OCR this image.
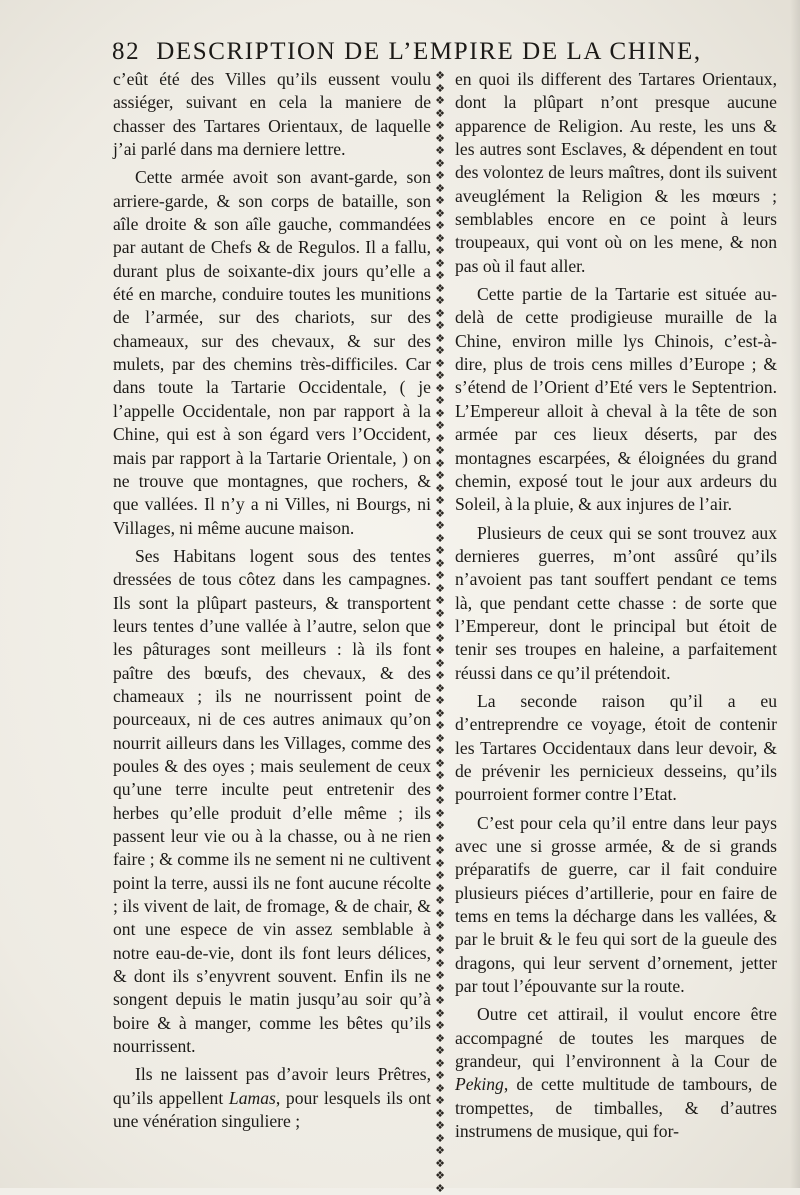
82 DESCRIPTION DE L’EMPIRE DE LA CHINE,

c’eût été des Villes qu’ils eussent voulu assiéger, suivant en cela la maniere de chasser des Tartares Orientaux, de laquelle j’ai parlé dans ma derniere lettre.

Cette armée avoit son avant-garde, son arriere-garde, & son corps de bataille, son aîle droite & son aîle gauche, commandées par autant de Chefs & de Regulos. Il a fallu, durant plus de soixante-dix jours qu’elle a été en marche, conduire toutes les munitions de l’armée, sur des chariots, sur des chameaux, sur des chevaux, & sur des mulets, par des chemins très-difficiles. Car dans toute la Tartarie Occidentale, ( je l’appelle Occidentale, non par rapport à la Chine, qui est à son égard vers l’Occident, mais par rapport à la Tartarie Orientale, ) on ne trouve que montagnes, que rochers, & que vallées. Il n’y a ni Villes, ni Bourgs, ni Villages, ni même aucune maison.

Ses Habitans logent sous des tentes dressées de tous côtez dans les campagnes. Ils sont la plûpart pasteurs, & transportent leurs tentes d’une vallée à l’autre, selon que les pâturages sont meilleurs : là ils font paître des bœufs, des chevaux, & des chameaux ; ils ne nourrissent point de pourceaux, ni de ces autres animaux qu’on nourrit ailleurs dans les Villages, comme des poules & des oyes ; mais seulement de ceux qu’une terre inculte peut entretenir des herbes qu’elle produit d’elle même ; ils passent leur vie ou à la chasse, ou à ne rien faire ; & comme ils ne sement ni ne cultivent point la terre, aussi ils ne font aucune récolte ; ils vivent de lait, de fromage, & de chair, & ont une espece de vin assez semblable à notre eau-de-vie, dont ils font leurs délices, & dont ils s’enyvrent souvent. Enfin ils ne songent depuis le matin jusqu’au soir qu’à boire & à manger, comme les bêtes qu’ils nourrissent.

Ils ne laissent pas d’avoir leurs Prêtres, qu’ils appellent Lamas, pour lesquels ils ont une vénération singuliere ;

❖
❖
❖
❖
❖
❖
❖
❖
❖
❖
❖
❖
❖
❖
❖
❖
❖
❖
❖
❖
❖
❖
❖
❖
❖
❖
❖
❖
❖
❖
❖
❖
❖
❖
❖
❖
❖
❖
❖
❖
❖
❖
❖
❖
❖
❖
❖
❖
❖
❖
❖
❖
❖
❖
❖
❖
❖
❖
❖
❖
❖
❖
❖
❖
❖
❖
❖
❖
❖
❖
❖
❖
❖
❖
❖
❖
❖
❖
❖
❖
❖
❖
❖
❖
❖
❖
❖
❖
❖
❖

en quoi ils different des Tartares Orientaux, dont la plûpart n’ont presque aucune apparence de Religion. Au reste, les uns & les autres sont Esclaves, & dépendent en tout des volontez de leurs maîtres, dont ils suivent aveuglément la Religion & les mœurs ; semblables encore en ce point à leurs troupeaux, qui vont où on les mene, & non pas où il faut aller.

Cette partie de la Tartarie est située au-delà de cette prodigieuse muraille de la Chine, environ mille lys Chinois, c’est-à-dire, plus de trois cens milles d’Europe ; & s’étend de l’Orient d’Eté vers le Septentrion. L’Empereur alloit à cheval à la tête de son armée par ces lieux déserts, par des montagnes escarpées, & éloignées du grand chemin, exposé tout le jour aux ardeurs du Soleil, à la pluie, & aux injures de l’air.

Plusieurs de ceux qui se sont trouvez aux dernieres guerres, m’ont assûré qu’ils n’avoient pas tant souffert pendant ce tems là, que pendant cette chasse : de sorte que l’Empereur, dont le principal but étoit de tenir ses troupes en haleine, a parfaitement réussi dans ce qu’il prétendoit.

La seconde raison qu’il a eu d’entreprendre ce voyage, étoit de contenir les Tartares Occidentaux dans leur devoir, & de prévenir les pernicieux desseins, qu’ils pourroient former contre l’Etat.

C’est pour cela qu’il entre dans leur pays avec une si grosse armée, & de si grands préparatifs de guerre, car il fait conduire plusieurs piéces d’artillerie, pour en faire de tems en tems la décharge dans les vallées, & par le bruit & le feu qui sort de la gueule des dragons, qui leur servent d’ornement, jetter par tout l’épouvante sur la route.

Outre cet attirail, il voulut encore être accompagné de toutes les marques de grandeur, qui l’environnent à la Cour de Peking, de cette multitude de tambours, de trompettes, de timballes, & d’autres instrumens de musique, qui for-
